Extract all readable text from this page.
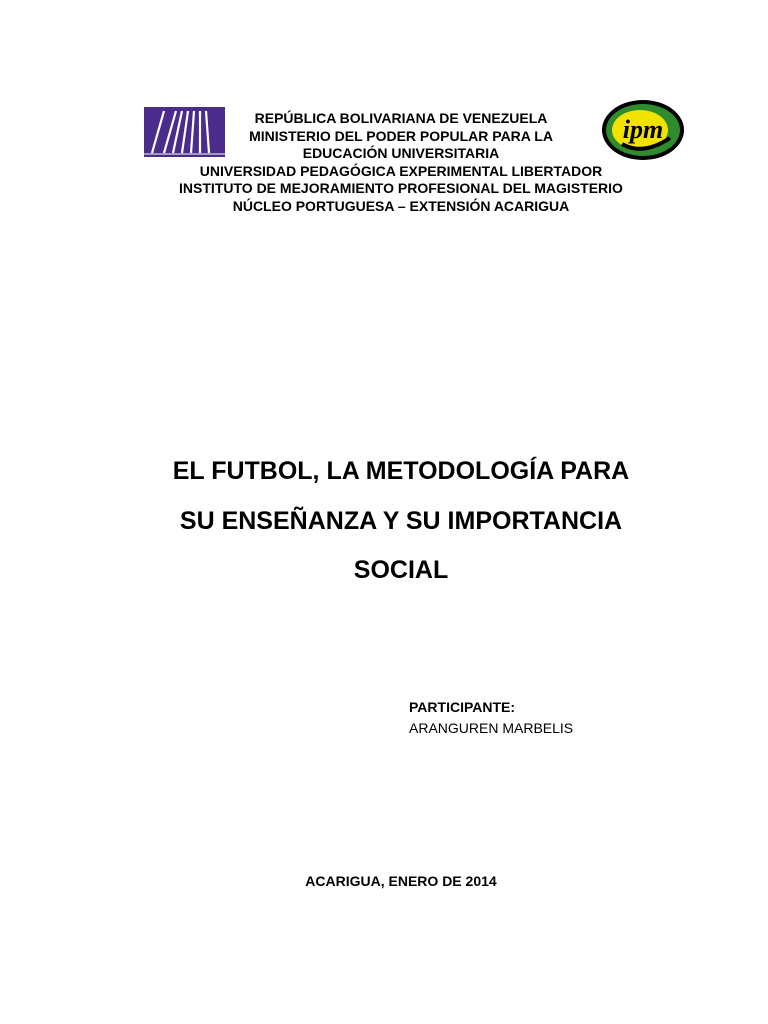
ipm
REPÚBLICA BOLIVARIANA DE VENEZUELA
MINISTERIO DEL PODER POPULAR PARA LA
EDUCACIÓN UNIVERSITARIA
UNIVERSIDAD PEDAGÓGICA EXPERIMENTAL LIBERTADOR
INSTITUTO DE MEJORAMIENTO PROFESIONAL DEL MAGISTERIO
NÚCLEO PORTUGUESA – EXTENSIÓN ACARIGUA
EL FUTBOL, LA METODOLOGÍA PARA
SU ENSEÑANZA Y SU IMPORTANCIA
SOCIAL
PARTICIPANTE:
ARANGUREN MARBELIS
ACARIGUA, ENERO DE 2014
